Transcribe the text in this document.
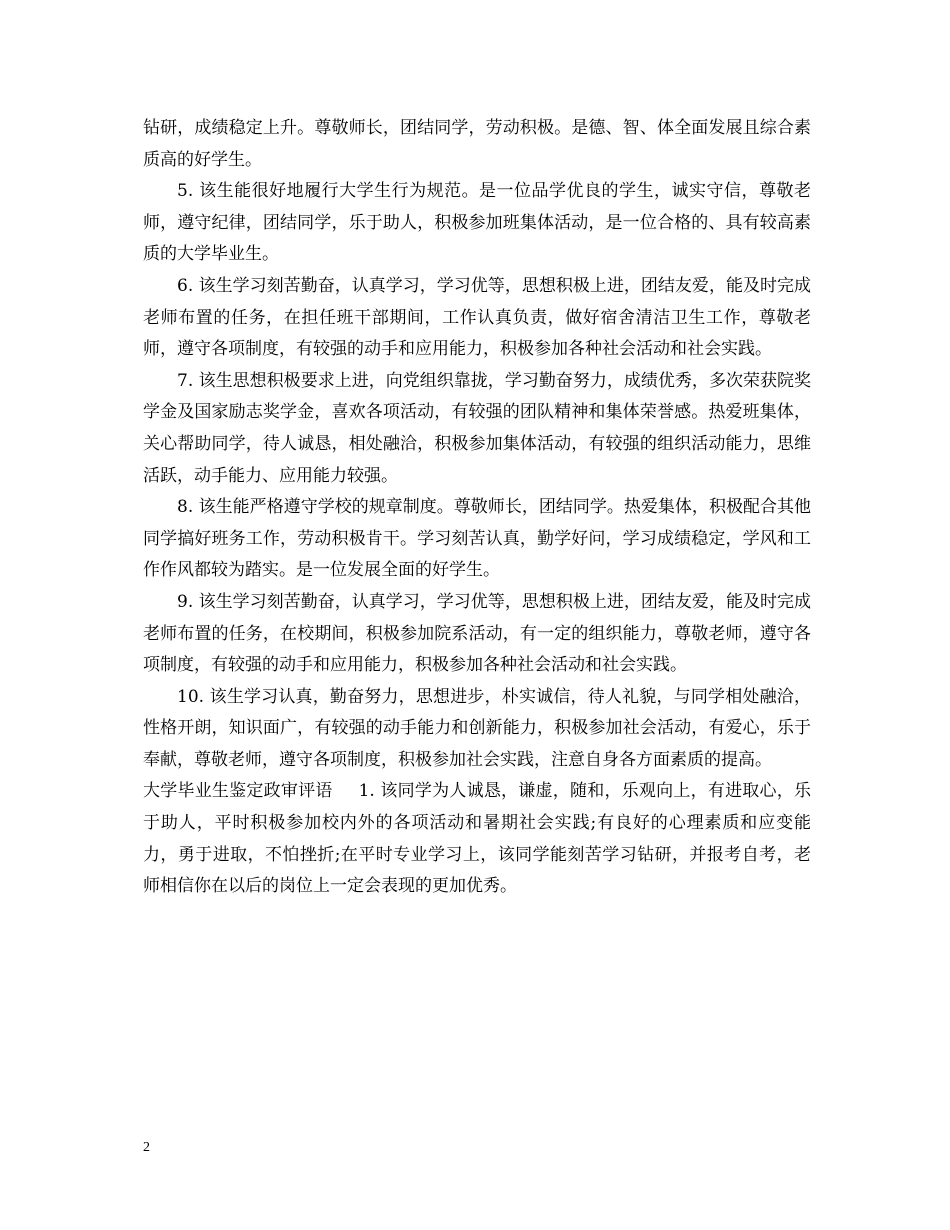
钻研，成绩稳定上升。尊敬师长，团结同学，劳动积极。是德、智、体全面发展且综合素质高的好学生。

5. 该生能很好地履行大学生行为规范。是一位品学优良的学生，诚实守信，尊敬老师，遵守纪律，团结同学，乐于助人，积极参加班集体活动，是一位合格的、具有较高素质的大学毕业生。

6. 该生学习刻苦勤奋，认真学习，学习优等，思想积极上进，团结友爱，能及时完成老师布置的任务，在担任班干部期间，工作认真负责，做好宿舍清洁卫生工作，尊敬老师，遵守各项制度，有较强的动手和应用能力，积极参加各种社会活动和社会实践。

7. 该生思想积极要求上进，向党组织靠拢，学习勤奋努力，成绩优秀，多次荣获院奖学金及国家励志奖学金，喜欢各项活动，有较强的团队精神和集体荣誉感。热爱班集体，关心帮助同学，待人诚恳，相处融洽，积极参加集体活动，有较强的组织活动能力，思维活跃，动手能力、应用能力较强。

8. 该生能严格遵守学校的规章制度。尊敬师长，团结同学。热爱集体，积极配合其他同学搞好班务工作，劳动积极肯干。学习刻苦认真，勤学好问，学习成绩稳定，学风和工作作风都较为踏实。是一位发展全面的好学生。

9. 该生学习刻苦勤奋，认真学习，学习优等，思想积极上进，团结友爱，能及时完成老师布置的任务，在校期间，积极参加院系活动，有一定的组织能力，尊敬老师，遵守各项制度，有较强的动手和应用能力，积极参加各种社会活动和社会实践。

10. 该生学习认真，勤奋努力，思想进步，朴实诚信，待人礼貌，与同学相处融洽，性格开朗，知识面广，有较强的动手能力和创新能力，积极参加社会活动，有爱心，乐于奉献，尊敬老师，遵守各项制度，积极参加社会实践，注意自身各方面素质的提高。

大学毕业生鉴定政审评语 1. 该同学为人诚恳，谦虚，随和，乐观向上，有进取心，乐于助人，平时积极参加校内外的各项活动和暑期社会实践;有良好的心理素质和应变能力，勇于进取，不怕挫折;在平时专业学习上，该同学能刻苦学习钻研，并报考自考，老师相信你在以后的岗位上一定会表现的更加优秀。

2
